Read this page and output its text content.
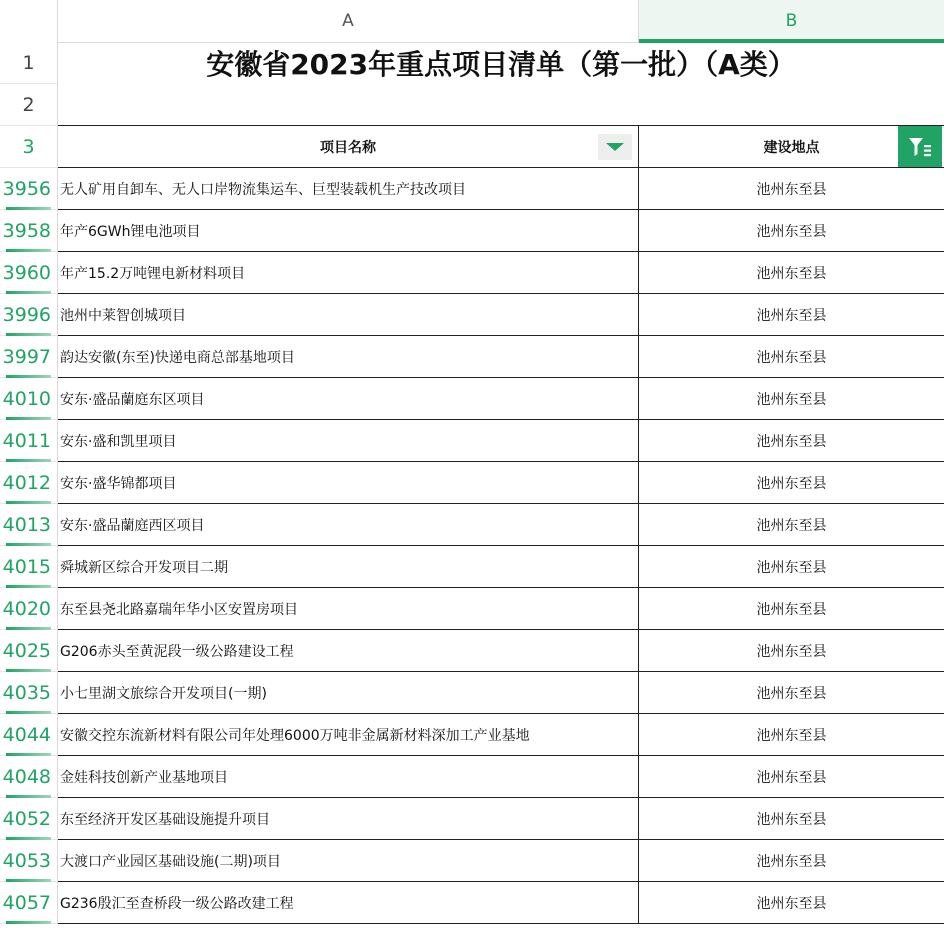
A	B
1
2
3
安徽省2023年重点项目清单（第一批）（A类）
项目名称	建设地点
3956 无人矿用自卸车、无人口岸物流集运车、巨型装载机生产技改项目	池州东至县
3958 年产6GWh锂电池项目	池州东至县
3960 年产15.2万吨锂电新材料项目	池州东至县
3996 池州中莱智创城项目	池州东至县
3997 韵达安徽(东至)快递电商总部基地项目	池州东至县
4010 安东·盛品蘭庭东区项目	池州东至县
4011 安东·盛和凯里项目	池州东至县
4012 安东·盛华锦都项目	池州东至县
4013 安东·盛品蘭庭西区项目	池州东至县
4015 舜城新区综合开发项目二期	池州东至县
4020 东至县尧北路嘉瑞年华小区安置房项目	池州东至县
4025 G206赤头至黄泥段一级公路建设工程	池州东至县
4035 小七里湖文旅综合开发项目(一期)	池州东至县
4044 安徽交控东流新材料有限公司年处理6000万吨非金属新材料深加工产业基地	池州东至县
4048 金娃科技创新产业基地项目	池州东至县
4052 东至经济开发区基础设施提升项目	池州东至县
4053 大渡口产业园区基础设施(二期)项目	池州东至县
4057 G236殷汇至查桥段一级公路改建工程	池州东至县
